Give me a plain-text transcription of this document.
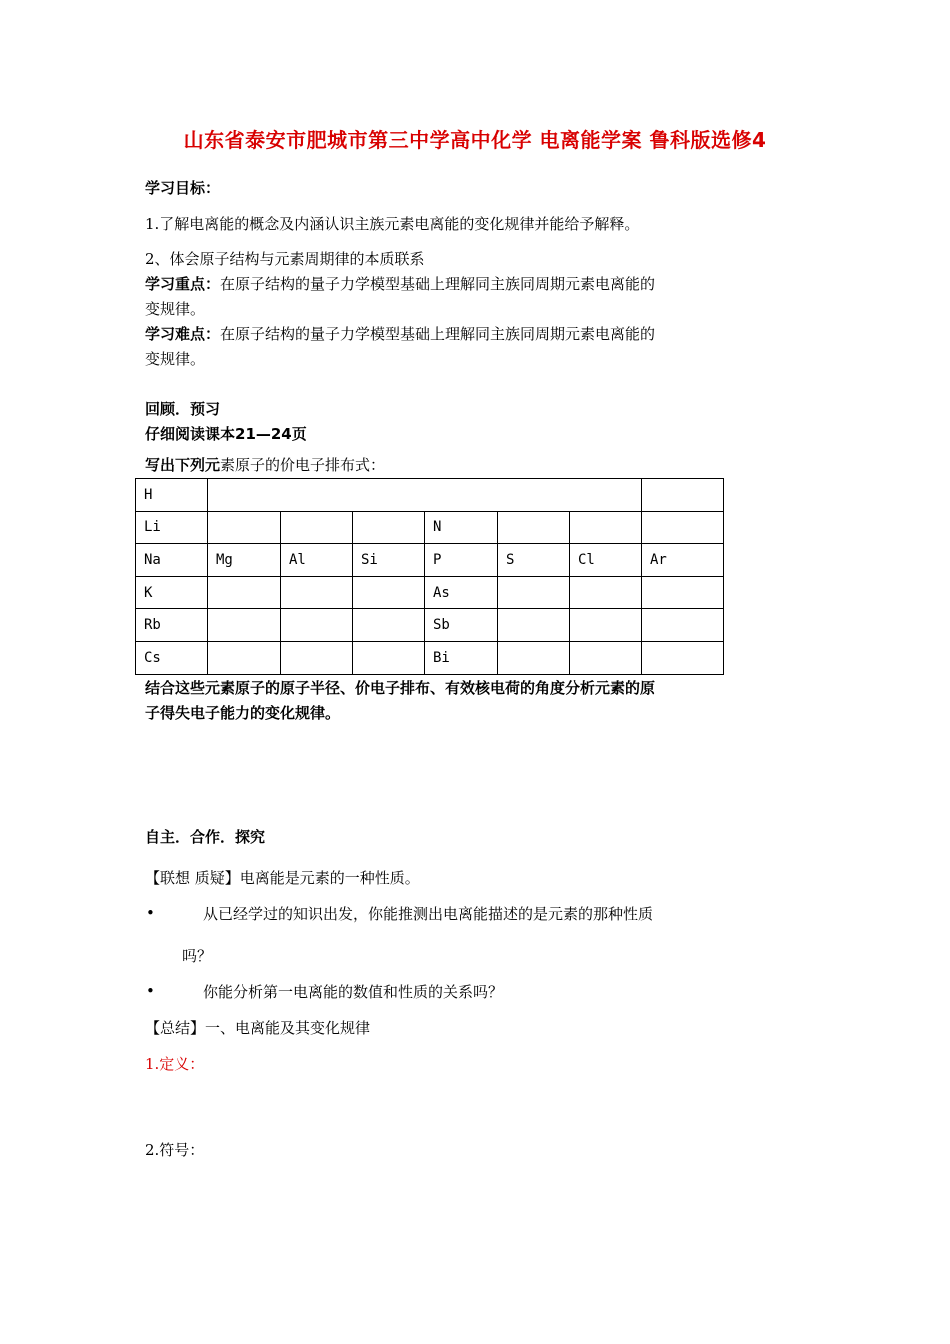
山东省泰安市肥城市第三中学高中化学 电离能学案 鲁科版选修4
学习目标：
1.了解电离能的概念及内涵认识主族元素电离能的变化规律并能给予解释。
2、体会原子结构与元素周期律的本质联系
学习重点：在原子结构的量子力学模型基础上理解同主族同周期元素电离能的
变规律。
学习难点：在原子结构的量子力学模型基础上理解同主族同周期元素电离能的
变规律。
回顾．预习
仔细阅读课本21—24页
写出下列元素原子的价电子排布式：
H							
Li				N			
Na	Mg	Al	Si	P	S	Cl	Ar
K				As			
Rb				Sb			
Cs				Bi			
结合这些元素原子的原子半径、价电子排布、有效核电荷的角度分析元素的原
子得失电子能力的变化规律。
自主．合作．探究
【联想 质疑】电离能是元素的一种性质。
•	从已经学过的知识出发，你能推测出电离能描述的是元素的那种性质
吗？
•	你能分析第一电离能的数值和性质的关系吗？
【总结】一、电离能及其变化规律
1.定义：
2.符号：
